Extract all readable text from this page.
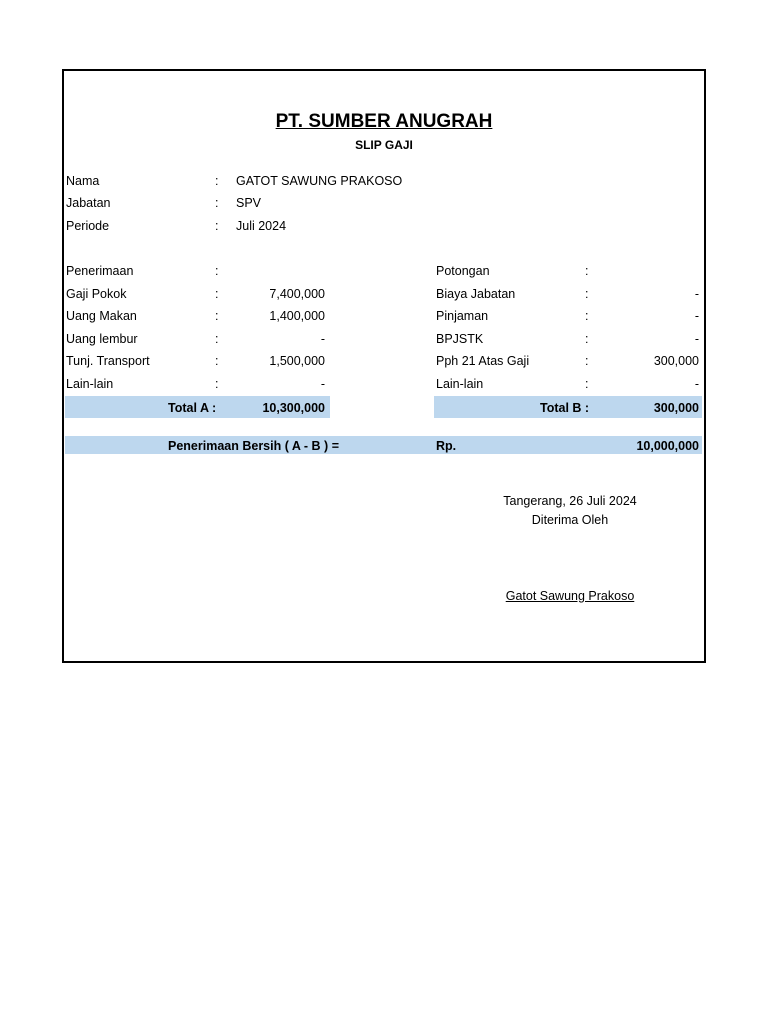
PT. SUMBER ANUGRAH
SLIP GAJI
Nama	: GATOT SAWUNG PRAKOSO
Jabatan	: SPV
Periode	: Juli 2024
Penerimaan	:
Gaji Pokok	:	7,400,000
Uang Makan	:	1,400,000
Uang lembur	:	-
Tunj. Transport	:	1,500,000
Lain-lain	:	-
Total A :	10,300,000
Potongan	:
Biaya Jabatan	:	-
Pinjaman	:	-
BPJSTK	:	-
Pph 21 Atas Gaji	:	300,000
Lain-lain	:	-
Total B :	300,000
Penerimaan Bersih ( A - B ) =	Rp.	10,000,000
Tangerang, 26 Juli 2024
Diterima Oleh
Gatot Sawung Prakoso
